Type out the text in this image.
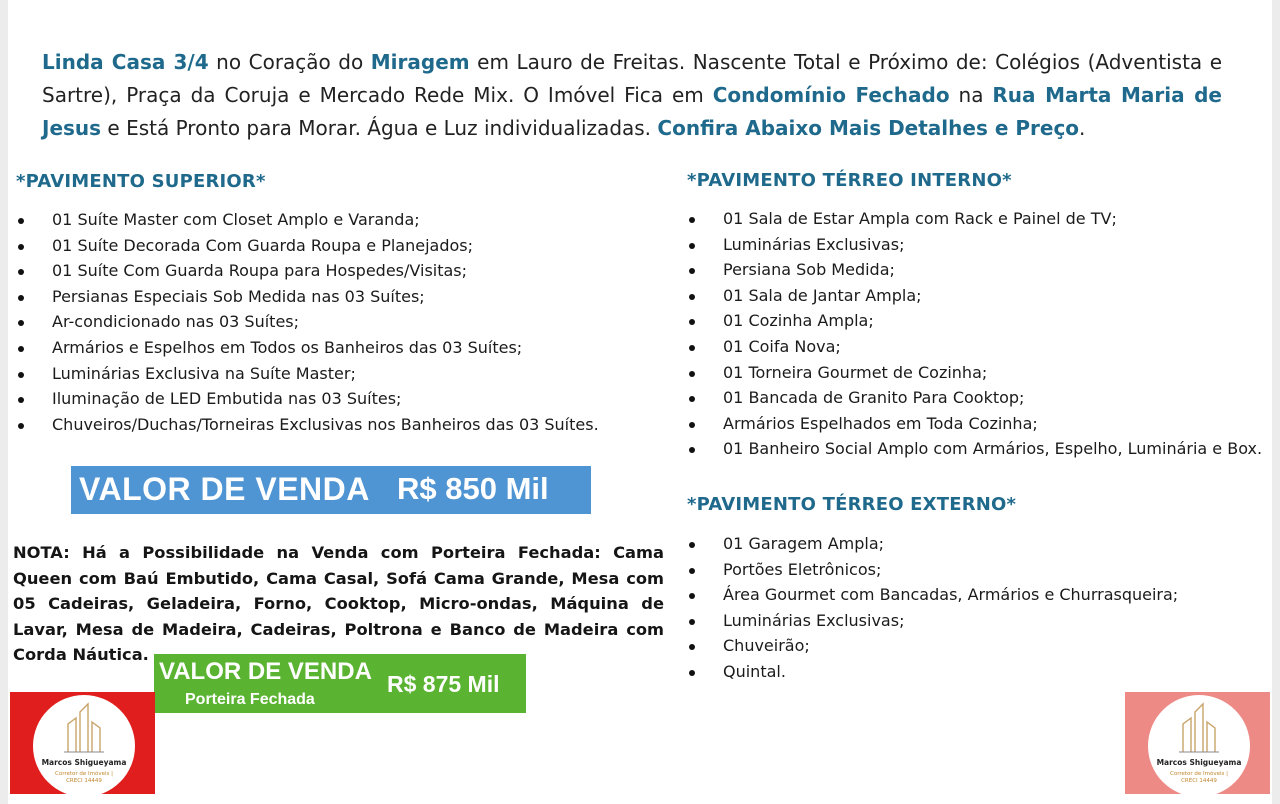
Linda Casa 3/4 no Coração do Miragem em Lauro de Freitas. Nascente Total e Próximo de: Colégios (Adventista e Sartre), Praça da Coruja e Mercado Rede Mix. O Imóvel Fica em Condomínio Fechado na Rua Marta Maria de Jesus e Está Pronto para Morar. Água e Luz individualizadas. Confira Abaixo Mais Detalhes e Preço.
*PAVIMENTO SUPERIOR*
01 Suíte Master com Closet Amplo e Varanda;
01 Suíte Decorada Com Guarda Roupa e Planejados;
01 Suíte Com Guarda Roupa para Hospedes/Visitas;
Persianas Especiais Sob Medida nas 03 Suítes;
Ar-condicionado nas 03 Suítes;
Armários e Espelhos em Todos os Banheiros das 03 Suítes;
Luminárias Exclusiva na Suíte Master;
Iluminação de LED Embutida nas 03 Suítes;
Chuveiros/Duchas/Torneiras Exclusivas nos Banheiros das 03 Suítes.
VALOR DE VENDA R$ 850 Mil
NOTA: Há a Possibilidade na Venda com Porteira Fechada: Cama Queen com Baú Embutido, Cama Casal, Sofá Cama Grande, Mesa com 05 Cadeiras, Geladeira, Forno, Cooktop, Micro-ondas, Máquina de Lavar, Mesa de Madeira, Cadeiras, Poltrona e Banco de Madeira com Corda Náutica.
VALOR DE VENDA
Porteira Fechada
R$ 875 Mil
*PAVIMENTO TÉRREO INTERNO*
01 Sala de Estar Ampla com Rack e Painel de TV;
Luminárias Exclusivas;
Persiana Sob Medida;
01 Sala de Jantar Ampla;
01 Cozinha Ampla;
01 Coifa Nova;
01 Torneira Gourmet de Cozinha;
01 Bancada de Granito Para Cooktop;
Armários Espelhados em Toda Cozinha;
01 Banheiro Social Amplo com Armários, Espelho, Luminária e Box.
*PAVIMENTO TÉRREO EXTERNO*
01 Garagem Ampla;
Portões Eletrônicos;
Área Gourmet com Bancadas, Armários e Churrasqueira;
Luminárias Exclusivas;
Chuveirão;
Quintal.
Marcos Shigueyama
Corretor de Imóveis |
CRECI 14449
Marcos Shigueyama
Corretor de Imóveis |
CRECI 14449
